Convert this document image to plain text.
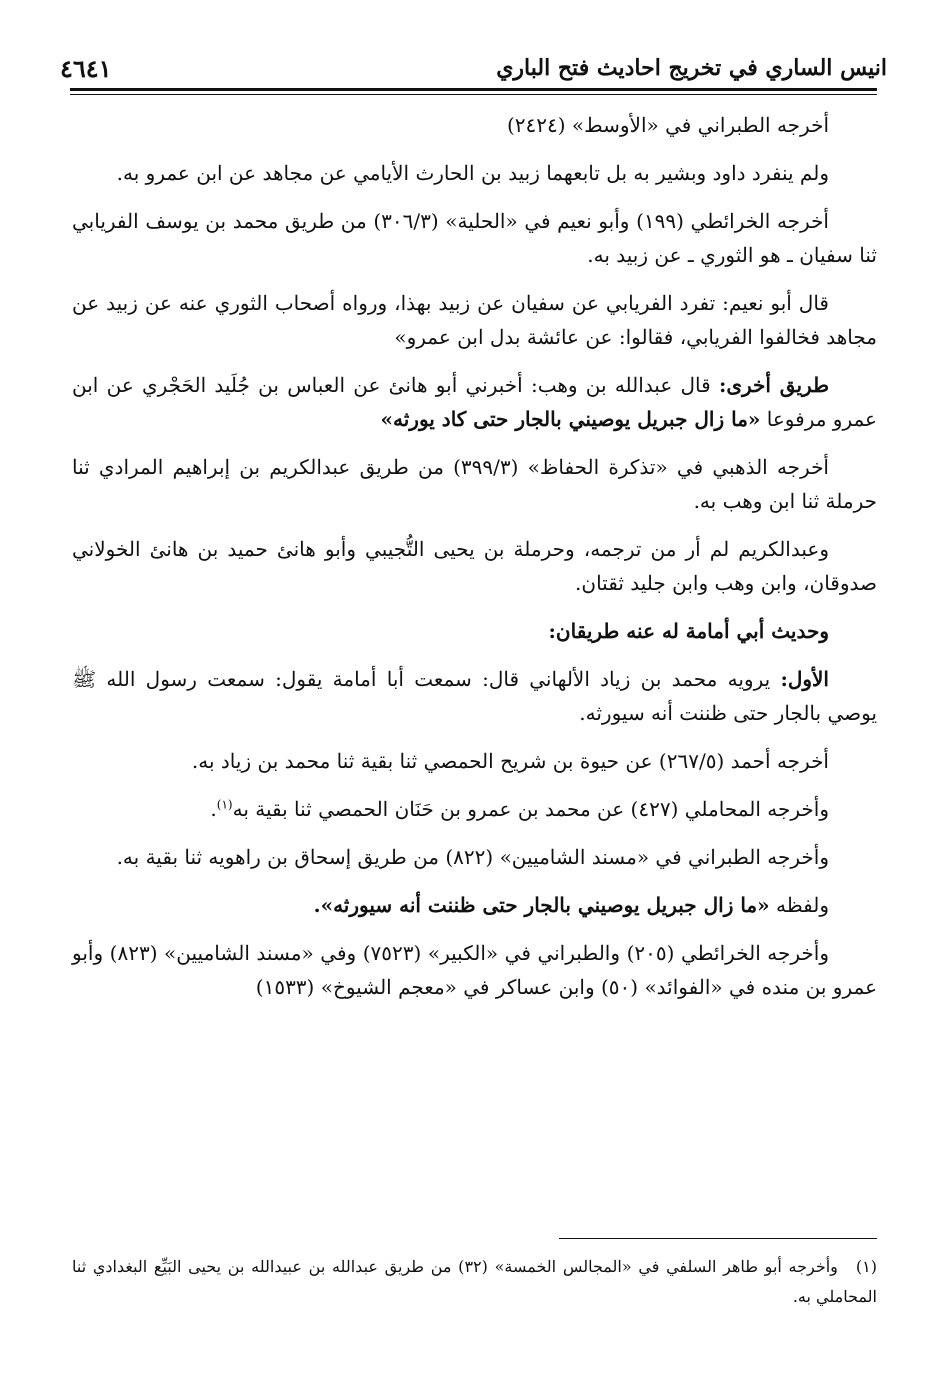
انيس الساري في تخريج احاديث فتح الباري
٤٦٤١

أخرجه الطبراني في «الأوسط» (٢٤٢٤)

ولم ينفرد داود وبشير به بل تابعهما زبيد بن الحارث الأيامي عن مجاهد عن ابن عمرو به.

أخرجه الخرائطي (١٩٩) وأبو نعيم في «الحلية» (٣٠٦/٣) من طريق محمد بن يوسف الفريابي ثنا سفيان ـ هو الثوري ـ عن زبيد به.

قال أبو نعيم: تفرد الفريابي عن سفيان عن زبيد بهذا، ورواه أصحاب الثوري عنه عن زبيد عن مجاهد فخالفوا الفريابي، فقالوا: عن عائشة بدل ابن عمرو»

طريق أخرى: قال عبدالله بن وهب: أخبرني أبو هانئ عن العباس بن جُلَيد الحَجْري عن ابن عمرو مرفوعا «ما زال جبريل يوصيني بالجار حتى كاد يورثه»

أخرجه الذهبي في «تذكرة الحفاظ» (٣٩٩/٣) من طريق عبدالكريم بن إبراهيم المرادي ثنا حرملة ثنا ابن وهب به.

وعبدالكريم لم أر من ترجمه، وحرملة بن يحيى التُّجيبي وأبو هانئ حميد بن هانئ الخولاني صدوقان، وابن وهب وابن جليد ثقتان.

وحديث أبي أمامة له عنه طريقان:

الأول: يرويه محمد بن زياد الألهاني قال: سمعت أبا أمامة يقول: سمعت رسول الله ﷺ يوصي بالجار حتى ظننت أنه سيورثه.

أخرجه أحمد (٢٦٧/٥) عن حيوة بن شريح الحمصي ثنا بقية ثنا محمد بن زياد به.

وأخرجه المحاملي (٤٢٧) عن محمد بن عمرو بن حَنَان الحمصي ثنا بقية به$^{(١)}$.

وأخرجه الطبراني في «مسند الشاميين» (٨٢٢) من طريق إسحاق بن راهويه ثنا بقية به.

ولفظه «ما زال جبريل يوصيني بالجار حتى ظننت أنه سيورثه».

وأخرجه الخرائطي (٢٠٥) والطبراني في «الكبير» (٧٥٢٣) وفي «مسند الشاميين» (٨٢٣) وأبو عمرو بن منده في «الفوائد» (٥٠) وابن عساكر في «معجم الشيوخ» (١٥٣٣)

(١)وأخرجه أبو طاهر السلفي في «المجالس الخمسة» (٣٢) من طريق عبدالله بن عبيدالله بن يحيى البَيِّع البغدادي ثنا المحاملي به.
